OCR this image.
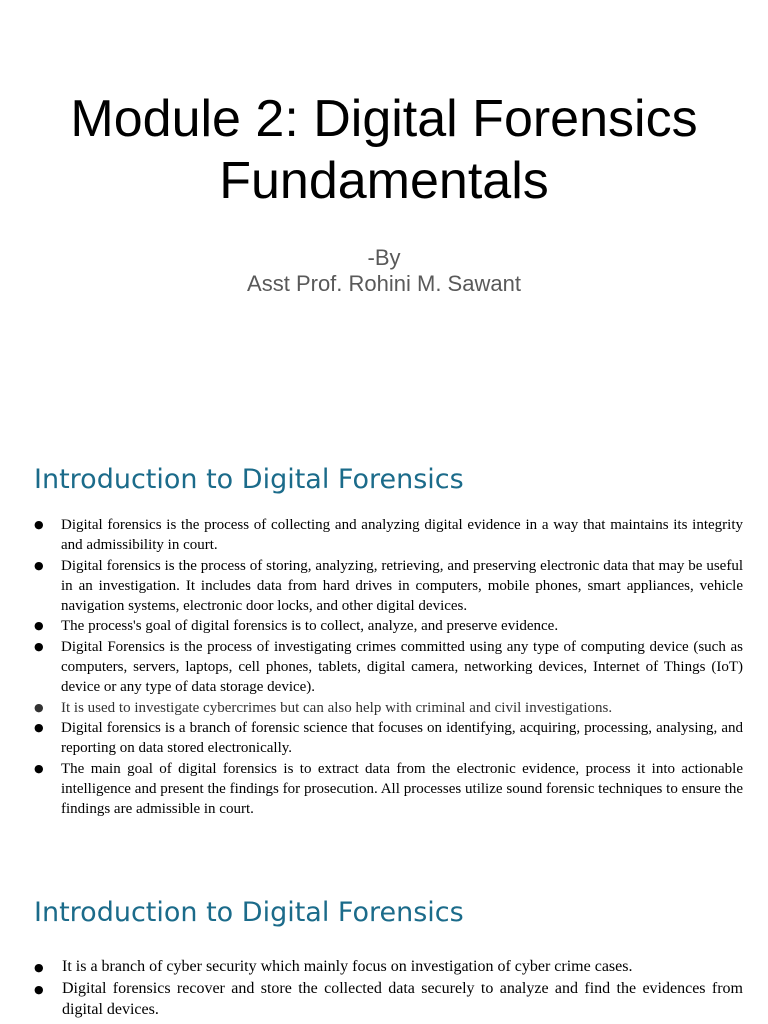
Module 2: Digital Forensics
Fundamentals
-By
Asst Prof. Rohini M. Sawant
Introduction to Digital Forensics
● Digital forensics is the process of collecting and analyzing digital evidence in a way that maintains its integrity and admissibility in court.
● Digital forensics is the process of storing, analyzing, retrieving, and preserving electronic data that may be useful in an investigation. It includes data from hard drives in computers, mobile phones, smart appliances, vehicle navigation systems, electronic door locks, and other digital devices.
● The process's goal of digital forensics is to collect, analyze, and preserve evidence.
● Digital Forensics is the process of investigating crimes committed using any type of computing device (such as computers, servers, laptops, cell phones, tablets, digital camera, networking devices, Internet of Things (IoT) device or any type of data storage device).
● It is used to investigate cybercrimes but can also help with criminal and civil investigations.
● Digital forensics is a branch of forensic science that focuses on identifying, acquiring, processing, analysing, and reporting on data stored electronically.
● The main goal of digital forensics is to extract data from the electronic evidence, process it into actionable intelligence and present the findings for prosecution. All processes utilize sound forensic techniques to ensure the findings are admissible in court.
Introduction to Digital Forensics
● It is a branch of cyber security which mainly focus on investigation of cyber crime cases.
● Digital forensics recover and store the collected data securely to analyze and find the evidences from digital devices.
